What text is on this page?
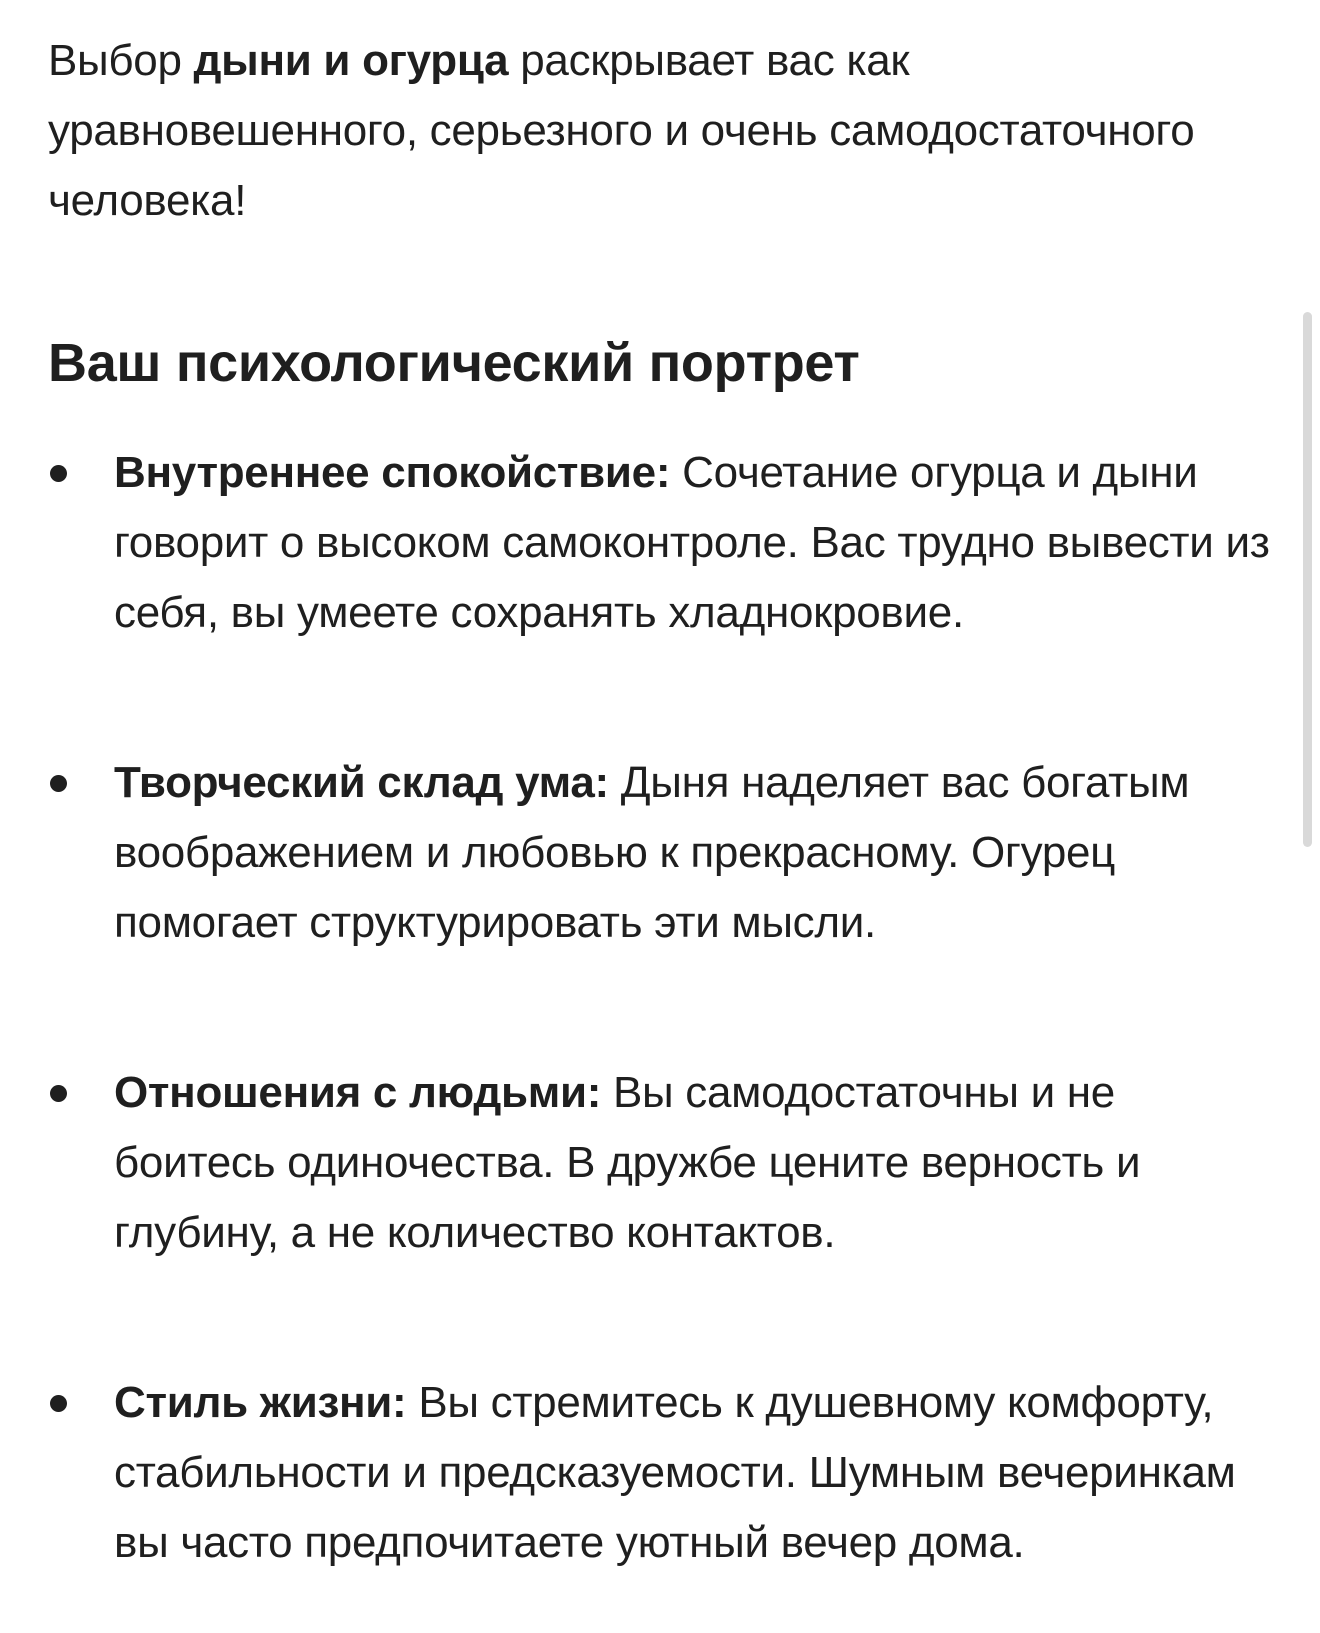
Выбор дыни и огурца раскрывает вас как уравновешенного, серьезного и очень самодостаточного человека!

Ваш психологический портрет
Внутреннее спокойствие: Сочетание огурца и дыни говорит о высоком самоконтроле. Вас трудно вывести из себя, вы умеете сохранять хладнокровие.
Творческий склад ума: Дыня наделяет вас богатым воображением и любовью к прекрасному. Огурец помогает структурировать эти мысли.
Отношения с людьми: Вы самодостаточны и не боитесь одиночества. В дружбе цените верность и глубину, а не количество контактов.
Стиль жизни: Вы стремитесь к душевному комфорту, стабильности и предсказуемости. Шумным вечеринкам вы часто предпочитаете уютный вечер дома.
